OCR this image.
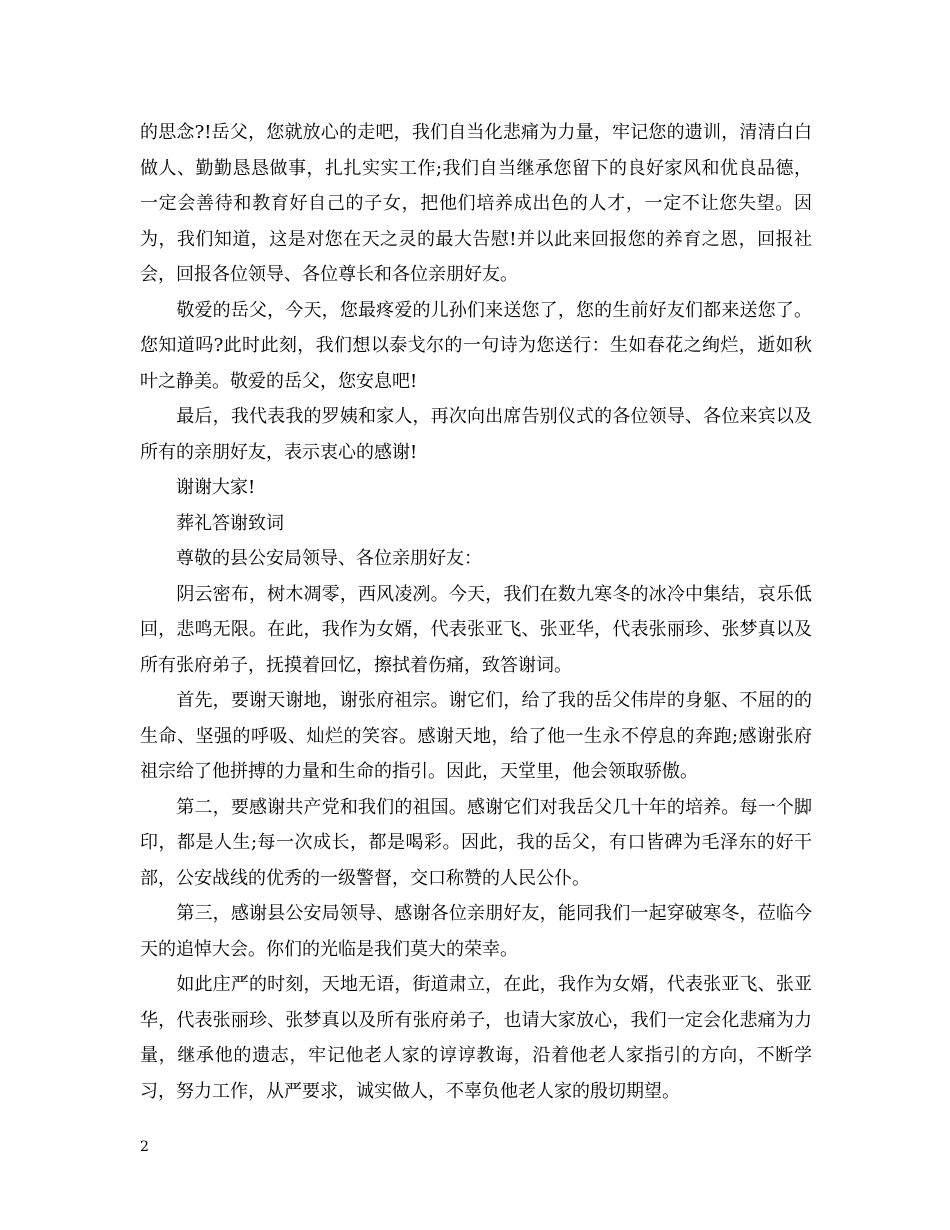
的思念?!岳父，您就放心的走吧，我们自当化悲痛为力量，牢记您的遗训，清清白白做人、勤勤恳恳做事，扎扎实实工作;我们自当继承您留下的良好家风和优良品德，一定会善待和教育好自己的子女，把他们培养成出色的人才，一定不让您失望。因为，我们知道，这是对您在天之灵的最大告慰!并以此来回报您的养育之恩，回报社会，回报各位领导、各位尊长和各位亲朋好友。

　　敬爱的岳父，今天，您最疼爱的儿孙们来送您了，您的生前好友们都来送您了。您知道吗?此时此刻，我们想以泰戈尔的一句诗为您送行：生如春花之绚烂，逝如秋叶之静美。敬爱的岳父，您安息吧!

　　最后，我代表我的罗姨和家人，再次向出席告别仪式的各位领导、各位来宾以及所有的亲朋好友，表示衷心的感谢!

　　谢谢大家!

　　葬礼答谢致词

　　尊敬的县公安局领导、各位亲朋好友：

　　阴云密布，树木凋零，西风凌冽。今天，我们在数九寒冬的冰冷中集结，哀乐低回，悲鸣无限。在此，我作为女婿，代表张亚飞、张亚华，代表张丽珍、张梦真以及所有张府弟子，抚摸着回忆，擦拭着伤痛，致答谢词。

　　首先，要谢天谢地，谢张府祖宗。谢它们，给了我的岳父伟岸的身躯、不屈的的生命、坚强的呼吸、灿烂的笑容。感谢天地，给了他一生永不停息的奔跑;感谢张府祖宗给了他拼搏的力量和生命的指引。因此，天堂里，他会领取骄傲。

　　第二，要感谢共产党和我们的祖国。感谢它们对我岳父几十年的培养。每一个脚印，都是人生;每一次成长，都是喝彩。因此，我的岳父，有口皆碑为毛泽东的好干部，公安战线的优秀的一级警督，交口称赞的人民公仆。

　　第三，感谢县公安局领导、感谢各位亲朋好友，能同我们一起穿破寒冬，莅临今天的追悼大会。你们的光临是我们莫大的荣幸。

　　如此庄严的时刻，天地无语，街道肃立，在此，我作为女婿，代表张亚飞、张亚华，代表张丽珍、张梦真以及所有张府弟子，也请大家放心，我们一定会化悲痛为力量，继承他的遗志，牢记他老人家的谆谆教诲，沿着他老人家指引的方向，不断学习，努力工作，从严要求，诚实做人，不辜负他老人家的殷切期望。

2
